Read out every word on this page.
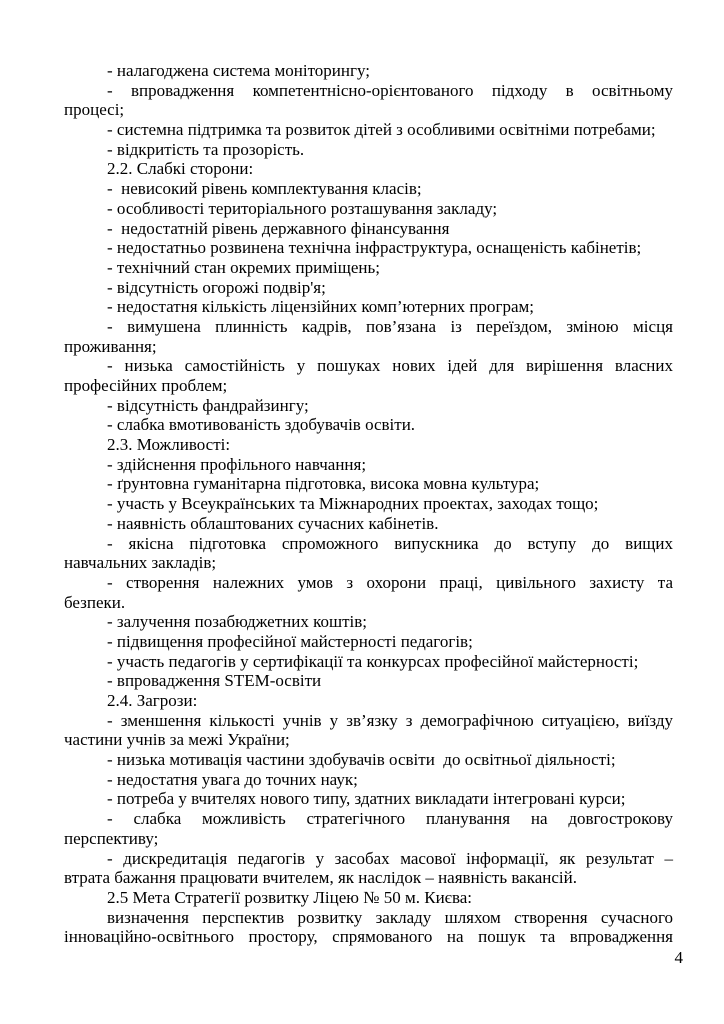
- налагоджена система моніторингу;
- впровадження компетентнісно-орієнтованого підходу в освітньому
процесі;
- системна підтримка та розвиток дітей з особливими освітніми потребами;
- відкритість та прозорість.
2.2. Слабкі сторони:
-  невисокий рівень комплектування класів;
- особливості територіального розташування закладу;
-  недостатній рівень державного фінансування
- недостатньо розвинена технічна інфраструктура, оснащеність кабінетів;
- технічний стан окремих приміщень;
- відсутність огорожі подвір'я;
- недостатня кількість ліцензійних комп’ютерних програм;
- вимушена плинність кадрів, пов’язана із переїздом, зміною місця
проживання;
- низька самостійність у пошуках нових ідей для вирішення власних
професійних проблем;
- відсутність фандрайзингу;
- слабка вмотивованість здобувачів освіти.
2.3. Можливості:
- здійснення профільного навчання;
- ґрунтовна гуманітарна підготовка, висока мовна культура;
- участь у Всеукраїнських та Міжнародних проектах, заходах тощо;
- наявність облаштованих сучасних кабінетів.
- якісна підготовка спроможного випускника до вступу до вищих
навчальних закладів;
- створення належних умов з охорони праці, цивільного захисту та
безпеки.
- залучення позабюджетних коштів;
- підвищення професійної майстерності педагогів;
- участь педагогів у сертифікації та конкурсах професійної майстерності;
- впровадження STEM-освіти
2.4. Загрози:
- зменшення кількості учнів у зв’язку з демографічною ситуацією, виїзду
частини учнів за межі України;
- низька мотивація частини здобувачів освіти  до освітньої діяльності;
- недостатня увага до точних наук;
- потреба у вчителях нового типу, здатних викладати інтегровані курси;
- слабка можливість стратегічного планування на довгострокову
перспективу;
- дискредитація педагогів у засобах масової інформації, як результат –
втрата бажання працювати вчителем, як наслідок – наявність вакансій.
2.5 Мета Стратегії розвитку Ліцею № 50 м. Києва:
визначення перспектив розвитку закладу шляхом створення сучасного
інноваційно-освітнього простору, спрямованого на пошук та впровадження
4
